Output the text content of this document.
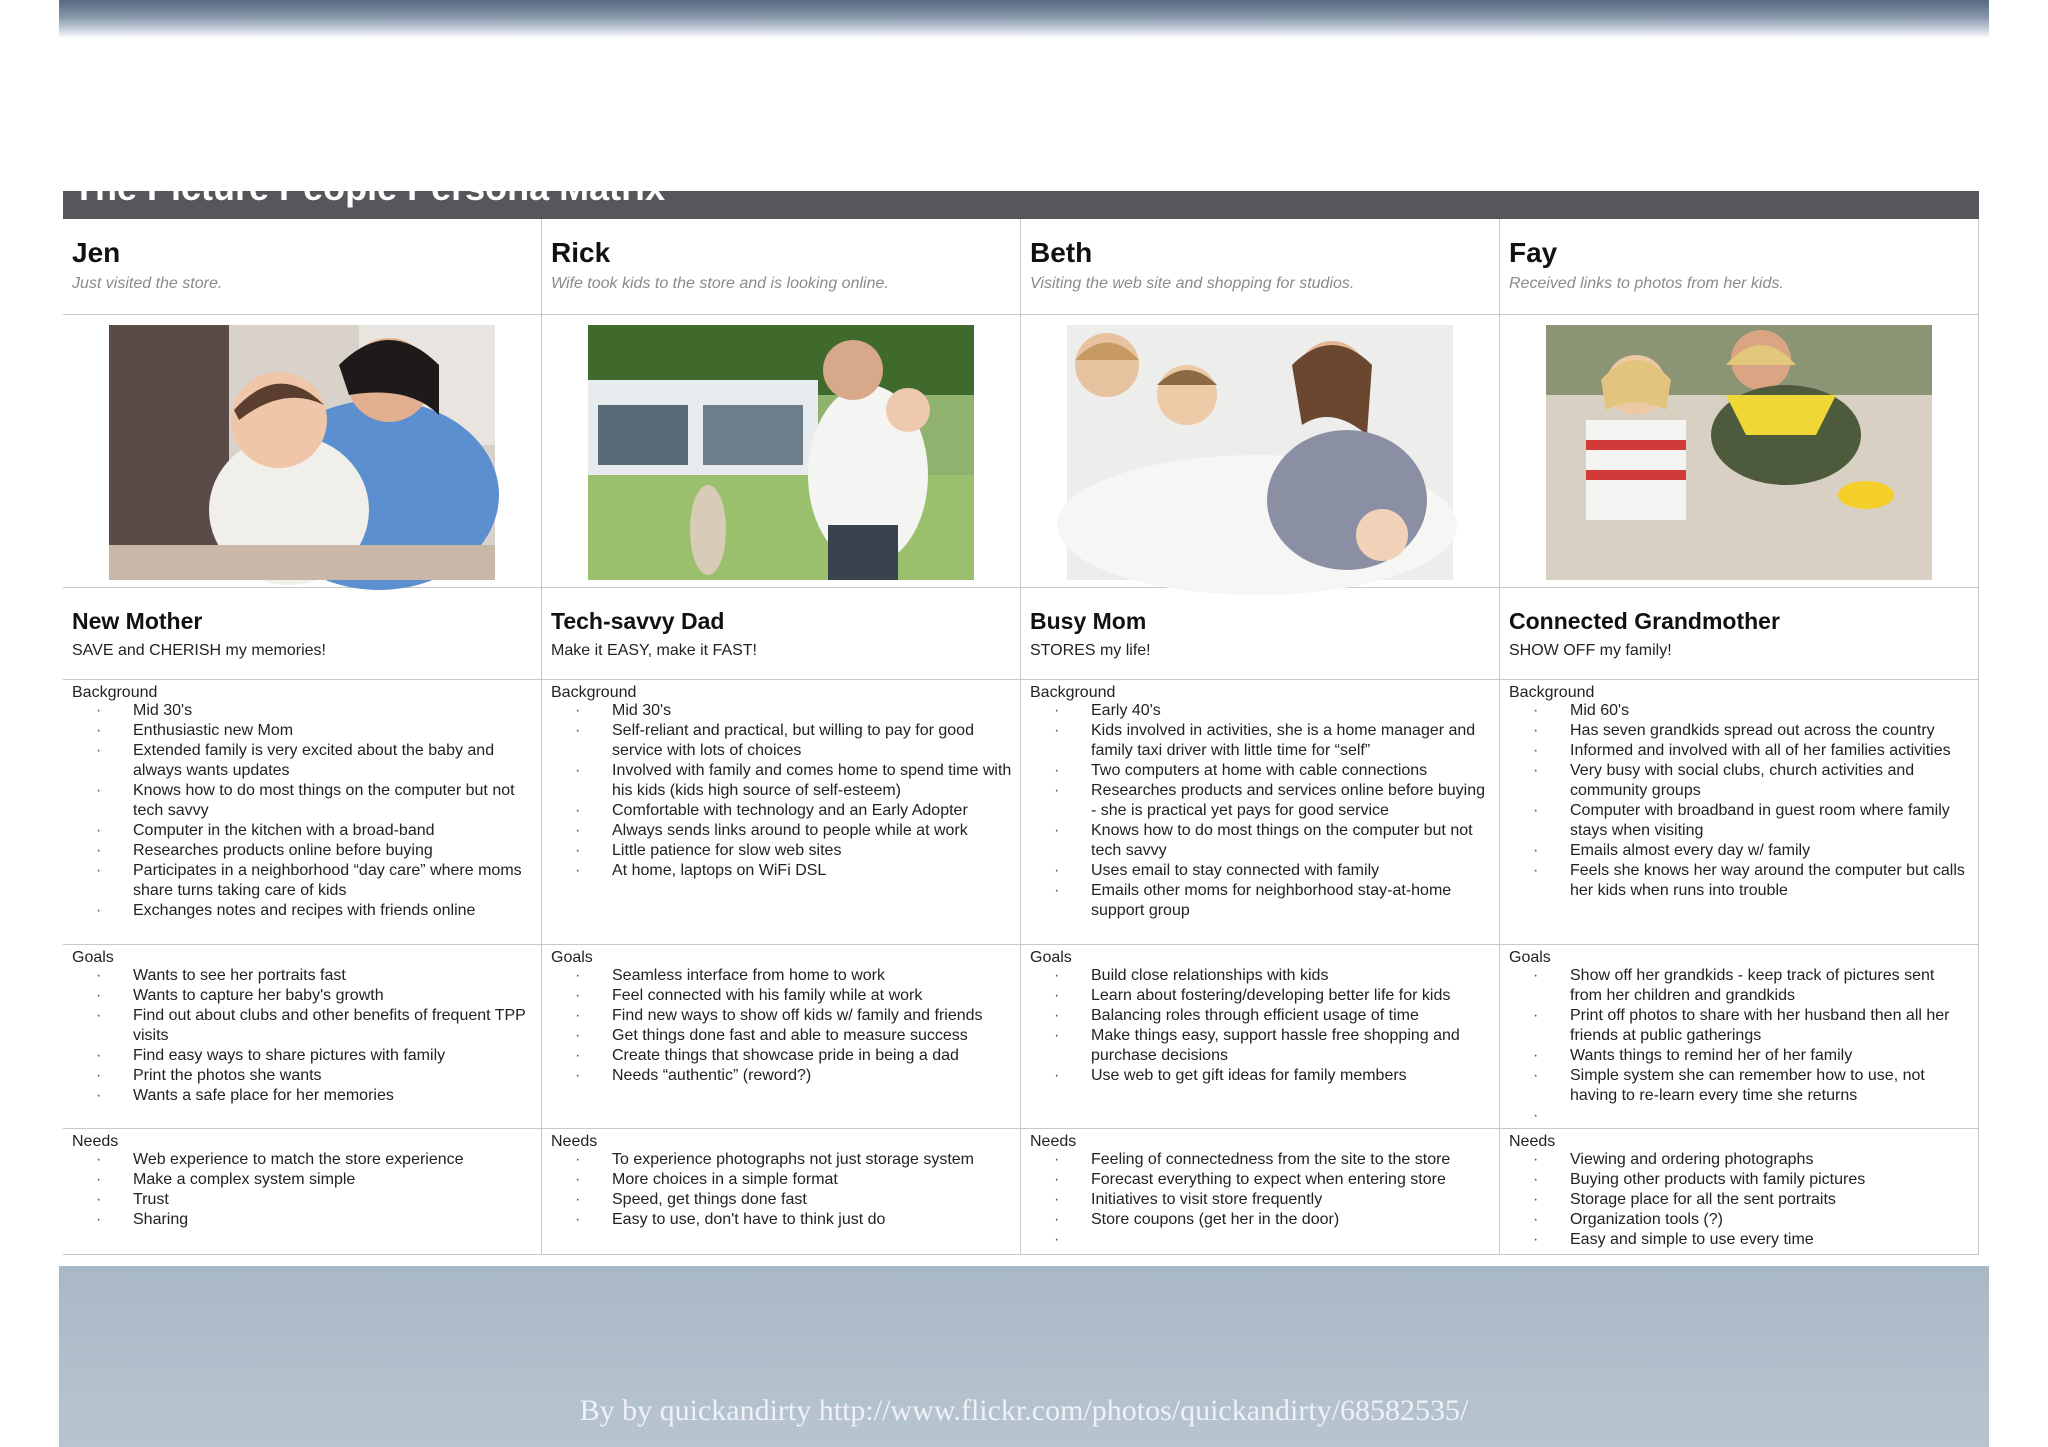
The Picture People Persona Matrix
Jen
Just visited the store.
New Mother
SAVE and CHERISH my memories!
Background
· Mid 30's
· Enthusiastic new Mom
· Extended family is very excited about the baby and always wants updates
· Knows how to do most things on the computer but not tech savvy
· Computer in the kitchen with a broad-band
· Researches products online before buying
· Participates in a neighborhood “day care” where moms share turns taking care of kids
· Exchanges notes and recipes with friends online
Goals
· Wants to see her portraits fast
· Wants to capture her baby's growth
· Find out about clubs and other benefits of frequent TPP visits
· Find easy ways to share pictures with family
· Print the photos she wants
· Wants a safe place for her memories
Needs
· Web experience to match the store experience
· Make a complex system simple
· Trust
· Sharing
Rick
Wife took kids to the store and is looking online.
Tech-savvy Dad
Make it EASY, make it FAST!
Background
· Mid 30's
· Self-reliant and practical, but willing to pay for good service with lots of choices
· Involved with family and comes home to spend time with his kids (kids high source of self-esteem)
· Comfortable with technology and an Early Adopter
· Always sends links around to people while at work
· Little patience for slow web sites
· At home, laptops on WiFi DSL
Goals
· Seamless interface from home to work
· Feel connected with his family while at work
· Find new ways to show off kids w/ family and friends
· Get things done fast and able to measure success
· Create things that showcase pride in being a dad
· Needs “authentic” (reword?)
Needs
· To experience photographs not just storage system
· More choices in a simple format
· Speed, get things done fast
· Easy to use, don't have to think just do
Beth
Visiting the web site and shopping for studios.
Busy Mom
STORES my life!
Background
· Early 40's
· Kids involved in activities, she is a home manager and family taxi driver with little time for “self”
· Two computers at home with cable connections
· Researches products and services online before buying - she is practical yet pays for good service
· Knows how to do most things on the computer but not tech savvy
· Uses email to stay connected with family
· Emails other moms for neighborhood stay-at-home support group
Goals
· Build close relationships with kids
· Learn about fostering/developing better life for kids
· Balancing roles through efficient usage of time
· Make things easy, support hassle free shopping and purchase decisions
· Use web to get gift ideas for family members
Needs
· Feeling of connectedness from the site to the store
· Forecast everything to expect when entering store
· Initiatives to visit store frequently
· Store coupons (get her in the door)
Fay
Received links to photos from her kids.
Connected Grandmother
SHOW OFF my family!
Background
· Mid 60's
· Has seven grandkids spread out across the country
· Informed and involved with all of her families activities
· Very busy with social clubs, church activities and community groups
· Computer with broadband in guest room where family stays when visiting
· Emails almost every day w/ family
· Feels she knows her way around the computer but calls her kids when runs into trouble
Goals
· Show off her grandkids - keep track of pictures sent from her children and grandkids
· Print off photos to share with her husband then all her friends at public gatherings
· Wants things to remind her of her family
· Simple system she can remember how to use, not having to re-learn every time she returns
Needs
· Viewing and ordering photographs
· Buying other products with family pictures
· Storage place for all the sent portraits
· Organization tools (?)
· Easy and simple to use every time
By by quickandirty http://www.flickr.com/photos/quickandirty/68582535/
